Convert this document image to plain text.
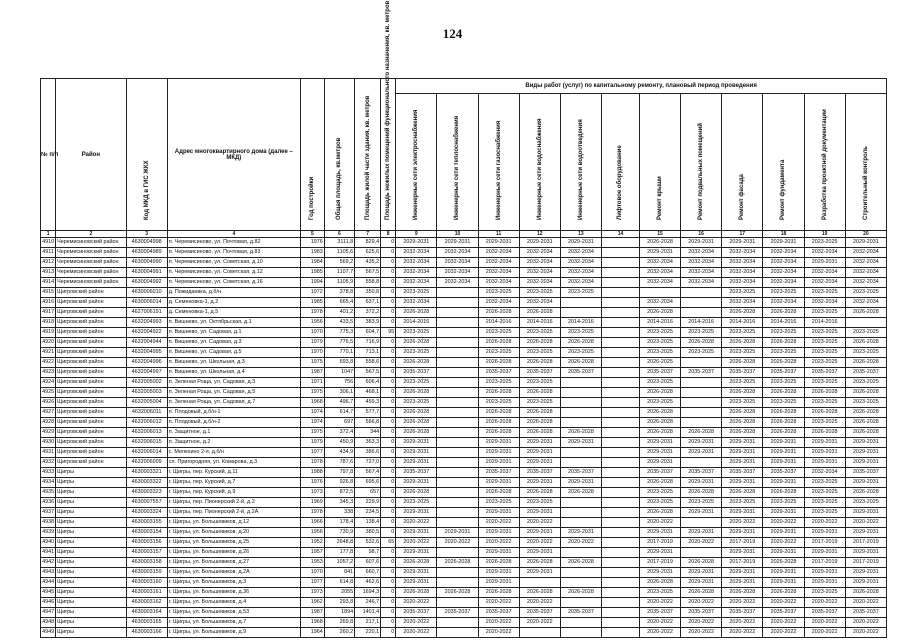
124
№ п/п	Район	Код МКД в ГИС ЖКХ	Адрес многоквартирного дома (далее – МКД)	Год постройки	Общая площадь, кв.метров	Площадь жилой части здания, кв. метров	Площадь нежилых помещений функционального назначения, кв. метров	Виды работ (услуг) по капитальному ремонту, плановый период проведения											

								Инженерные сети электроснабжения	Инженерные сети теплоснабжения	Инженерные сети газоснабжения	Инженерные сети водоснабжения	Инженерные сети водоотведения	Лифтовое оборудование	Ремонт крыши	Ремонт подвальных помещений	Ремонт фасада	Ремонт фундамента	Разработка проектной документации	Строительный контроль

1	2	3	4	5	6	7	8	9	10	11	12	13	14	15	16	17	18	19	20
4910	Черемисиновский район	4630004998	п. Черемисиново, ул. Почтовая, д.82	1976	3111,8	829,4	0	2029-2031	2029-2031	2029-2031	2029-2031	2029-2031		2026-2028	2029-2031	2029-2031	2029-2031	2023-2025	2029-2031
4911	Черемисиновский район	4630004989	п. Черемисиново, ул. Почтовая, д.83	1983	1105,6	625,6	0	2032-2034	2032-2034	2032-2034	2032-2034	2032-2034		2029-2031	2032-2034	2032-2034	2032-2034	2032-2034	2032-2034
4912	Черемисиновский район	4630004990	п. Черемисиново, ул. Советская, д.10	1984	569,2	435,2	0	2032-2034	2032-2034	2032-2034	2032-2034	2032-2034		2032-2034	2032-2034	2032-2034	2032-2034	2029-2031	2032-2034
4913	Черемисиновский район	4630004991	п. Черемисиново, ул. Советская, д.12	1985	1107,7	567,5	0	2032-2034	2032-2034	2032-2034	2032-2034	2032-2034		2032-2034	2032-2034	2032-2034	2032-2034	2032-2034	2032-2034
4914	Черемисиновский район	4630004992	п. Черемисиново, ул. Советская, д.16	1994	1105,9	558,8	0	2032-2034	2032-2034	2032-2034	2032-2034	2032-2034		2032-2034	2032-2034	2032-2034	2032-2034	2032-2034	2032-2034
4915	Щигровский район	4630006010	д. Пожидаевка, д.б/н	1972	378,8	350,8	0	2023-2025		2023-2025	2023-2025	2023-2025				2023-2025	2023-2025	2023-2025	2023-2025
4916	Щигровский район	4630006014	д. Семеновка-1, д.2	1985	665,4	637,1	0	2032-2034		2032-2034	2032-2034			2032-2034		2032-2034	2032-2034	2032-2034	2032-2034
4917	Щигровский район	4627006191	д. Семеновка-1, д.5	1978	401,2	372,2	0	2026-2028		2026-2028	2026-2028			2026-2028		2026-2028	2026-2028	2023-2025	2026-2028
4918	Щигровский район	4632004993	п. Вишнево, ул. Октябрьская, д.1	1956	433,5	383,9	0	2014-2016		2014-2016	2014-2016	2014-2016		2014-2016	2014-2016	2014-2016	2014-2016	2014-2016	
4919	Щигровский район	4632004922	п. Вишнево, ул. Садовая, д.1	1970	775,3	604,7	95	2023-2025		2023-2025	2023-2025	2023-2025		2023-2025	2023-2025	2023-2025	2023-2025	2023-2025	2023-2025
4920	Щигровский район	4632004944	п. Вишнево, ул. Садовая, д.3	1979	776,5	716,9	0	2026-2028		2026-2028	2026-2028	2026-2028		2023-2025	2026-2028	2026-2028	2026-2028	2023-2025	2026-2028
4921	Щигровский район	4632004995	п. Вишнево, ул. Садовая, д.5	1970	770,1	713,1	0	2023-2025		2023-2025	2023-2025	2023-2025		2023-2025	2023-2025	2023-2025	2023-2025	2023-2025	2023-2025
4922	Щигровский район	4632004996	п. Вишнево, ул. Школьная, д.3	1975	693,8	558,6	0	2026-2028		2026-2028	2026-2028	2026-2028		2026-2025		2026-2028	2026-2028	2023-2025	2026-2028
4923	Щигровский район	4632004997	п. Вишнево, ул. Школьная, д.4	1987	1047	567,5	0	2035-2037		2035-2037	2035-2037	2035-2037		2035-2037	2035-2037	2035-2037	2035-2037	2035-2037	2035-2037
4924	Щигровский район	4632005002	п. Зеленая Роща, ул. Садовая, д.3	1971	756	606,4	0	2023-2025		2023-2025	2023-2025			2023-2025		2023-2025	2023-2025	2023-2025	2023-2025
4925	Щигровский район	4632005003	п. Зеленая Роща, ул. Садовая, д.5	1975	306,1	468,1	0	2026-2028		2026-2028	2026-2028			2026-2028		2026-2028	2026-2028	2026-2028	2026-2028
4926	Щигровский район	4632005004	п. Зеленая Роща, ул. Садовая, д.7	1968	496,7	459,3	0	2023-2025		2023-2025	2023-2025			2023-2025		2023-2025	2023-2025	2023-2025	2023-2025
4927	Щигровский район	4632006011	п. Плодовый, д.б/н-1	1974	614,7	577,7	0	2026-2028		2026-2028	2026-2028			2026-2028		2026-2028	2026-2028	2026-2028	2026-2028
4928	Щигровский район	4632006012	п. Плодовый, д.б/н-2	1974	697	566,8	0	2026-2028		2026-2028	2026-2028			2026-2028		2026-2028	2026-2028	2023-2025	2026-2028
4929	Щигровский район	4632006013	п. Защитное, д.1	1975	372,4	344	0	2026-2028		2026-2028	2026-2028	2026-2028		2026-2028	2026-2028	2026-2028	2026-2028	2026-2028	2026-2028
4930	Щигровский район	4632006015	п. Защитное, д.2	1979	450,9	363,3	0	2029-2031		2029-2031	2029-2031	2029-2031		2029-2031	2029-2031	2029-2031	2029-2031	2029-2031	2029-2031
4931	Щигровский район	4632006014	с. Мелехино 2-я, д.б/н	1977	434,9	386,6	0	2029-2031		2029-2031	2029-2031			2029-2031	2029-2031	2029-2031	2029-2031	2029-2031	2029-2031
4932	Щигровский район	4632006009	сл. Пригородняя, ул. Комарова, д.3	1978	787,6	727,0	0	2029-2031		2029-2031	2029-2031			2029-2031		2029-2031	2029-2031	2029-2031	2029-2031
4933	Щигры	4630003321	г. Щигры, пер. Курский, д.11	1988	797,8	567,4	0	2035-2037		2035-2037	2035-2037	2035-2037		2035-2037	2035-2037	2035-2037	2035-2037	2032-2034	2035-2037
4934	Щигры	4630003322	г. Щигры, пер. Курский, д.7	1976	926,8	695,6	0	2029-2031		2029-2031	2029-2031	2029-2031		2026-2028	2029-2031	2029-2031	2029-2031	2023-2025	2029-2031
4935	Щигры	4630003323	г. Щигры, пер. Курский, д.9	1973	872,5	657	0	2026-2028		2026-2028	2026-2028	2026-2028		2023-2025	2026-2028	2026-2028	2026-2028	2023-2025	2026-2028
4936	Щигры	4630007557	г. Щигры, пер. Пионерский 2-й, д.2	1969	345,3	229,9	0	2023-2025		2023-2025	2023-2025			2023-2025	2023-2025	2023-2025	2023-2025	2023-2025	2023-2025
4937	Щигры	4630003324	г. Щигры, пер. Пионерский 2-й, д.2А	1978	338	234,5	0	2029-2031		2029-2031	2029-2031			2026-2028	2029-2031	2029-2031	2029-2031	2023-2025	2029-2031
4938	Щигры	4630003155	г. Щигры, ул. Большевиков, д.12	1966	178,4	138,4	0	2020-2022		2020-2022	2020-2022			2020-2022		2020-2022	2020-2022	2020-2022	2020-2022
4939	Щигры	4630003154	г. Щигры, ул. Большевиков, д.20	1956	730,9	380,5	0	2029-2031	2029-2031	2029-2031	2029-2031	2029-2031		2029-2031	2029-2031	2029-2031	2029-2031	2029-2031	2029-2031
4940	Щигры	4630003156	г. Щигры, ул. Большевиков, д.25	1952	2648,8	532,6	65	2020-2022	2020-2022	2020-2022	2020-2022	2020-2022		2017-2019	2020-2022	2017-2019	2020-2022	2017-2019	2017-2019
4941	Щигры	4630003157	г. Щигры, ул. Большевиков, д.26	1957	177,8	98,7	0	2029-2031		2029-2031	2029-2031			2029-2031		2029-2031	2029-2031	2029-2031	2029-2031
4942	Щигры	4630003158	г. Щигры, ул. Большевиков, д.27	1953	1057,2	607,6	0	2026-2028	2026-2028	2026-2028	2026-2028	2026-2028		2017-2019	2026-2028	2017-2019	2026-2028	2017-2019	2017-2019
4943	Щигры	4630003159	г. Щигры, ул. Большевиков, д.2А	1970	841	660,7	0	2029-2031		2029-2031	2029-2031			2029-2031	2029-2031	2029-2031	2029-2031	2029-2031	2029-2031
4944	Щигры	4630003160	г. Щигры, ул. Большевиков, д.3	1977	614,8	462,6	0	2029-2031		2029-2031				2026-2028	2029-2031	2029-2031	2029-2031	2029-2031	2029-2031
4945	Щигры	4630003161	г. Щигры, ул. Большевиков, д.36	1973	2055	1694,3	0	2026-2028	2026-2028	2026-2028	2026-2028	2026-2028		2023-2025	2026-2028	2026-2028	2026-2028	2023-2025	2026-2028
4946	Щигры	4630003162	г. Щигры, ул. Большевиков, д.4	1962	293,8	246,7	0	2020-2022		2020-2022	2020-2022			2020-2022	2020-2022	2020-2022	2020-2022	2020-2022	2020-2022
4947	Щигры	4630003164	г. Щигры, ул. Большевиков, д.53	1987	1894	1401,4	0	2035-2037	2035-2037	2035-2037	2035-2037	2035-2037		2035-2037	2035-2037	2035-2037	2035-2037	2035-2037	2035-2037
4948	Щигры	4630003165	г. Щигры, ул. Большевиков, д.7	1968	269,8	217,1	0	2020-2022		2020-2022	2020-2022			2020-2022	2020-2022	2020-2022	2020-2022	2020-2022	2020-2022
4949	Щигры	4630003166	г. Щигры, ул. Большевиков, д.9	1964	260,2	220,1	0	2020-2022		2020-2022				2020-2022	2020-2022	2020-2022	2020-2022	2020-2022	2020-2022
